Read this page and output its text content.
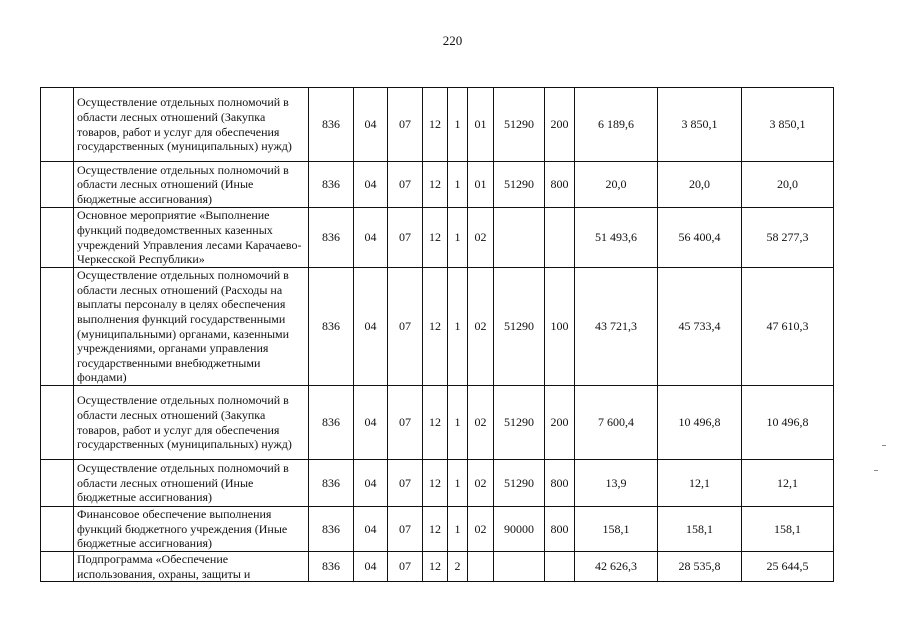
220
	Осуществление отдельных полномочий в области лесных отношений (Закупка товаров, работ и услуг для обеспечения государственных (муниципальных) нужд)	836	04	07	12	1	01	51290	200	6 189,6	3 850,1	3 850,1
	Осуществление отдельных полномочий в области лесных отношений (Иные бюджетные ассигнования)	836	04	07	12	1	01	51290	800	20,0	20,0	20,0
	Основное мероприятие «Выполнение функций подведомственных казенных учреждений Управления лесами Карачаево-Черкесской Республики»	836	04	07	12	1	02			51 493,6	56 400,4	58 277,3
	Осуществление отдельных полномочий в области лесных отношений (Расходы на выплаты персоналу в целях обеспечения выполнения функций государственными (муниципальными) органами, казенными учреждениями, органами управления государственными внебюджетными фондами)	836	04	07	12	1	02	51290	100	43 721,3	45 733,4	47 610,3
	Осуществление отдельных полномочий в области лесных отношений (Закупка товаров, работ и услуг для обеспечения государственных (муниципальных) нужд)	836	04	07	12	1	02	51290	200	7 600,4	10 496,8	10 496,8
	Осуществление отдельных полномочий в области лесных отношений (Иные бюджетные ассигнования)	836	04	07	12	1	02	51290	800	13,9	12,1	12,1
	Финансовое обеспечение выполнения функций бюджетного учреждения (Иные бюджетные ассигнования)	836	04	07	12	1	02	90000	800	158,1	158,1	158,1
	Подпрограмма «Обеспечение использования, охраны, защиты и	836	04	07	12	2				42 626,3	28 535,8	25 644,5
